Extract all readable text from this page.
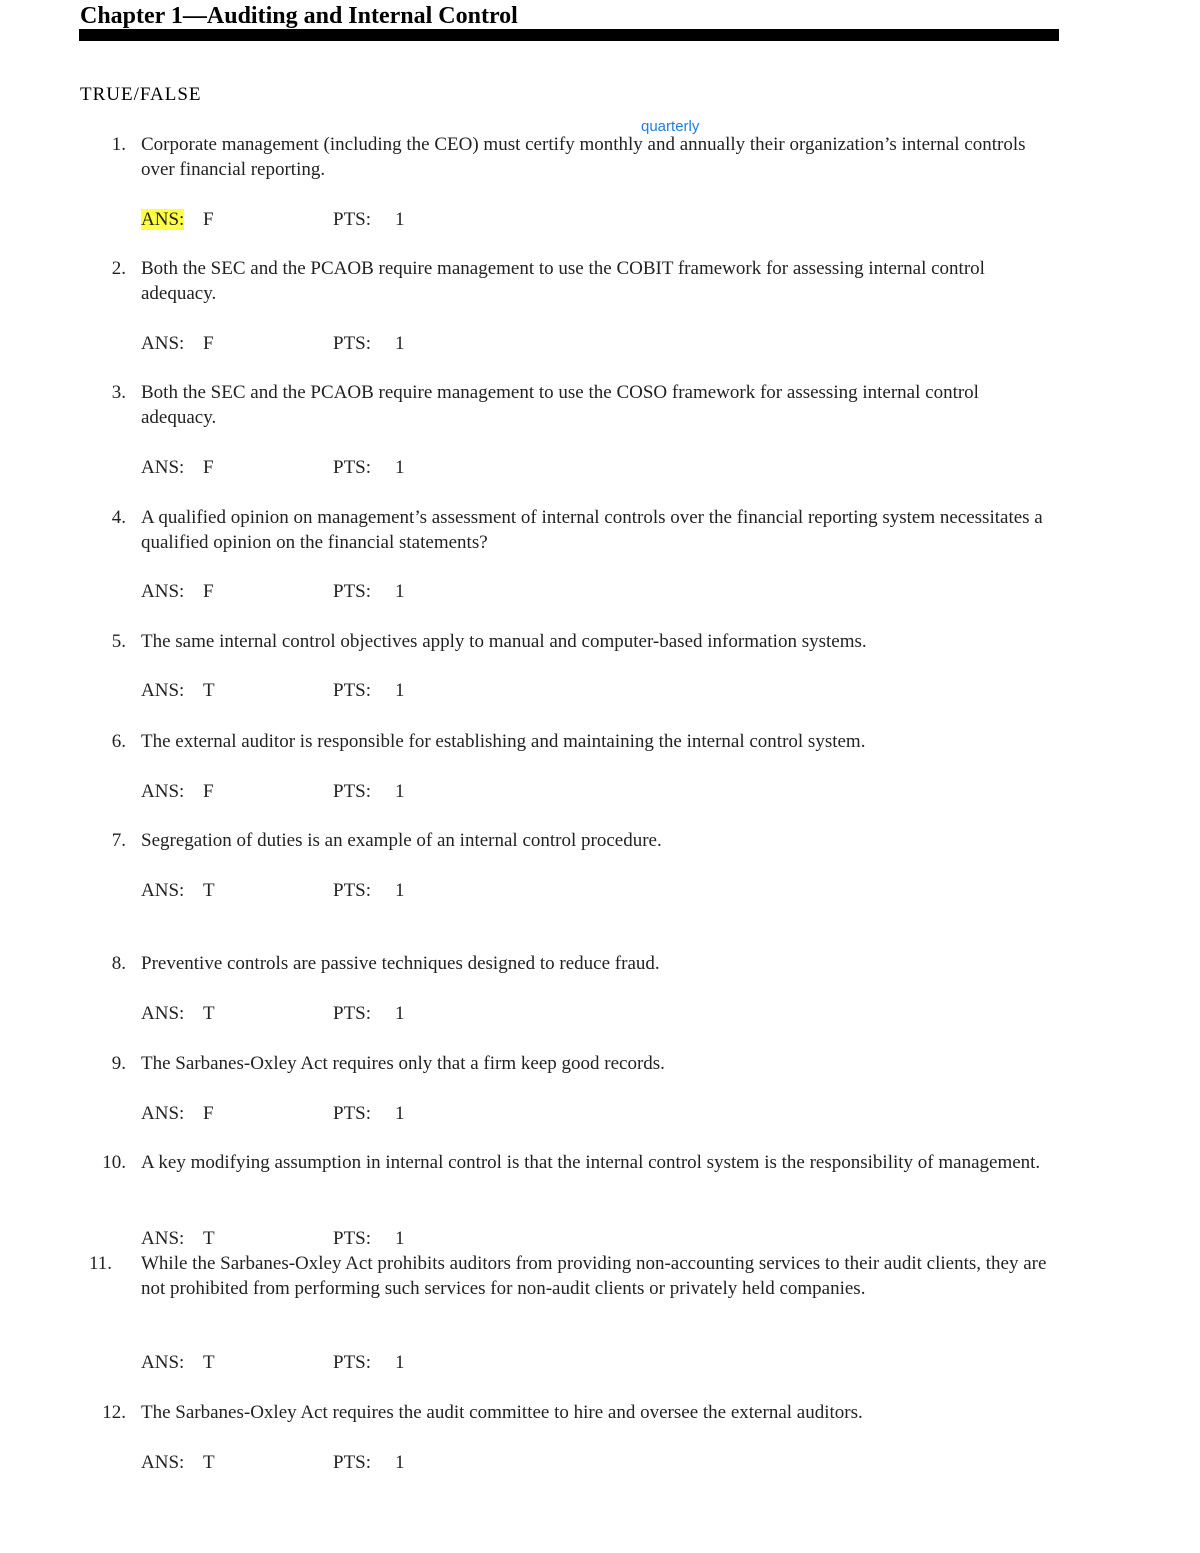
Chapter 1—Auditing and Internal Control
TRUE/FALSE
quarterly
1. Corporate management (including the CEO) must certify monthly and annually their organization’s internal controls over financial reporting.
ANS: F	PTS: 1
2. Both the SEC and the PCAOB require management to use the COBIT framework for assessing internal control adequacy.
ANS: F	PTS: 1
3. Both the SEC and the PCAOB require management to use the COSO framework for assessing internal control adequacy.
ANS: F	PTS: 1
4. A qualified opinion on management’s assessment of internal controls over the financial reporting system necessitates a qualified opinion on the financial statements?
ANS: F	PTS: 1
5. The same internal control objectives apply to manual and computer-based information systems.
ANS: T	PTS: 1
6. The external auditor is responsible for establishing and maintaining the internal control system.
ANS: F	PTS: 1
7. Segregation of duties is an example of an internal control procedure.
ANS: T	PTS: 1
8. Preventive controls are passive techniques designed to reduce fraud.
ANS: T	PTS: 1
9. The Sarbanes-Oxley Act requires only that a firm keep good records.
ANS: F	PTS: 1
10. A key modifying assumption in internal control is that the internal control system is the responsibility of management.
ANS: T	PTS: 1
11. While the Sarbanes-Oxley Act prohibits auditors from providing non-accounting services to their audit clients, they are not prohibited from performing such services for non-audit clients or privately held companies.
ANS: T	PTS: 1
12. The Sarbanes-Oxley Act requires the audit committee to hire and oversee the external auditors.
ANS: T	PTS: 1
